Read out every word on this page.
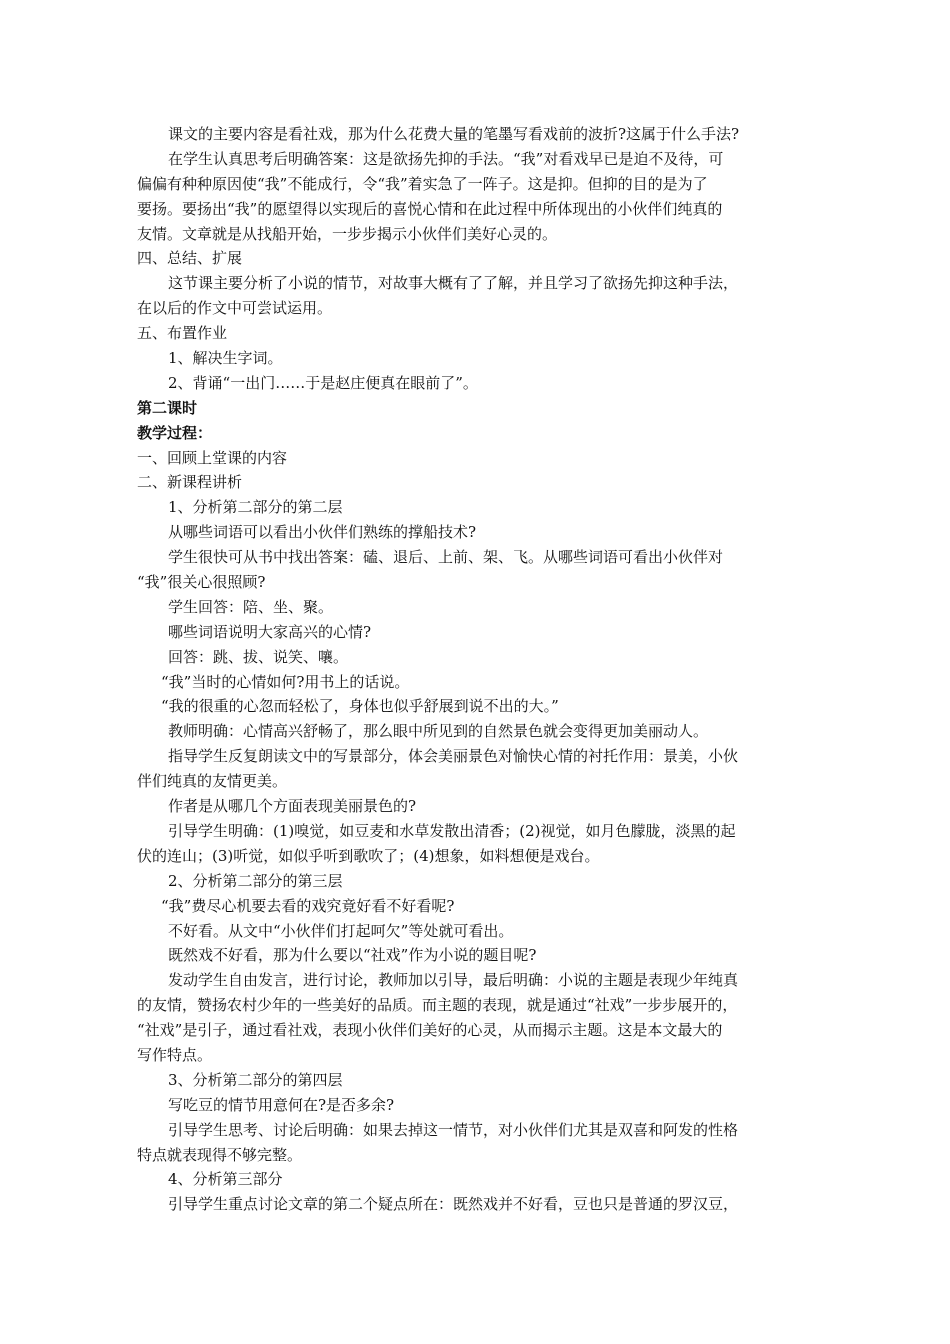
课文的主要内容是看社戏，那为什么花费大量的笔墨写看戏前的波折?这属于什么手法?
在学生认真思考后明确答案：这是欲扬先抑的手法。“我”对看戏早已是迫不及待，可
偏偏有种种原因使“我”不能成行，令“我”着实急了一阵子。这是抑。但抑的目的是为了
要扬。要扬出“我”的愿望得以实现后的喜悦心情和在此过程中所体现出的小伙伴们纯真的
友情。文章就是从找船开始，一步步揭示小伙伴们美好心灵的。
四、总结、扩展
这节课主要分析了小说的情节，对故事大概有了了解，并且学习了欲扬先抑这种手法，
在以后的作文中可尝试运用。
五、布置作业
1、解决生字词。
2、背诵“一出门……于是赵庄便真在眼前了”。
第二课时
教学过程：
一、回顾上堂课的内容
二、新课程讲析
1、分析第二部分的第二层
从哪些词语可以看出小伙伴们熟练的撑船技术?
学生很快可从书中找出答案：磕、退后、上前、架、飞。从哪些词语可看出小伙伴对
“我”很关心很照顾?
学生回答：陪、坐、聚。
哪些词语说明大家高兴的心情?
回答：跳、拔、说笑、嚷。
“我”当时的心情如何?用书上的话说。
“我的很重的心忽而轻松了，身体也似乎舒展到说不出的大。”
教师明确：心情高兴舒畅了，那么眼中所见到的自然景色就会变得更加美丽动人。
指导学生反复朗读文中的写景部分，体会美丽景色对愉快心情的衬托作用：景美，小伙
伴们纯真的友情更美。
作者是从哪几个方面表现美丽景色的?
引导学生明确：(1)嗅觉，如豆麦和水草发散出清香；(2)视觉，如月色朦胧，淡黑的起
伏的连山；(3)听觉，如似乎听到歌吹了；(4)想象，如料想便是戏台。
2、分析第二部分的第三层
“我”费尽心机要去看的戏究竟好看不好看呢?
不好看。从文中“小伙伴们打起呵欠”等处就可看出。
既然戏不好看，那为什么要以“社戏”作为小说的题目呢?
发动学生自由发言，进行讨论，教师加以引导，最后明确：小说的主题是表现少年纯真
的友情，赞扬农村少年的一些美好的品质。而主题的表现，就是通过“社戏”一步步展开的，
“社戏”是引子，通过看社戏，表现小伙伴们美好的心灵，从而揭示主题。这是本文最大的
写作特点。
3、分析第二部分的第四层
写吃豆的情节用意何在?是否多余?
引导学生思考、讨论后明确：如果去掉这一情节，对小伙伴们尤其是双喜和阿发的性格
特点就表现得不够完整。
4、分析第三部分
引导学生重点讨论文章的第二个疑点所在：既然戏并不好看，豆也只是普通的罗汉豆，
